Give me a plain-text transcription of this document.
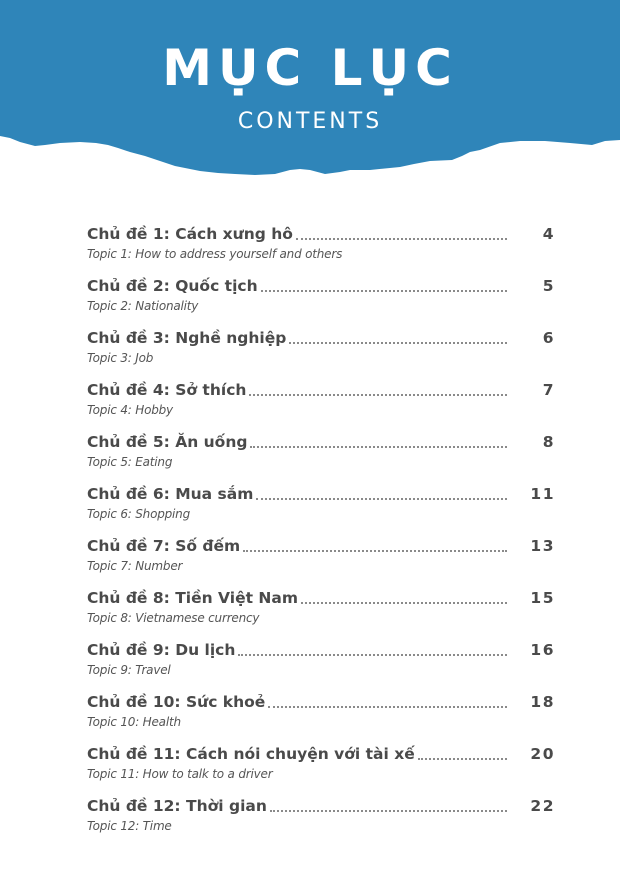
MỤC LỤC
CONTENTS
Chủ đề 1: Cách xưng hô	4
Topic 1: How to address yourself and others
Chủ đề 2: Quốc tịch	5
Topic 2: Nationality
Chủ đề 3: Nghề nghiệp	6
Topic 3: Job
Chủ đề 4: Sở thích	7
Topic 4: Hobby
Chủ đề 5: Ăn uống	8
Topic 5: Eating
Chủ đề 6: Mua sắm	11
Topic 6: Shopping
Chủ đề 7: Số đếm	13
Topic 7: Number
Chủ đề 8: Tiền Việt Nam	15
Topic 8: Vietnamese currency
Chủ đề 9: Du lịch	16
Topic 9: Travel
Chủ đề 10: Sức khoẻ	18
Topic 10: Health
Chủ đề 11: Cách nói chuyện với tài xế	20
Topic 11: How to talk to a driver
Chủ đề 12: Thời gian	22
Topic 12: Time
